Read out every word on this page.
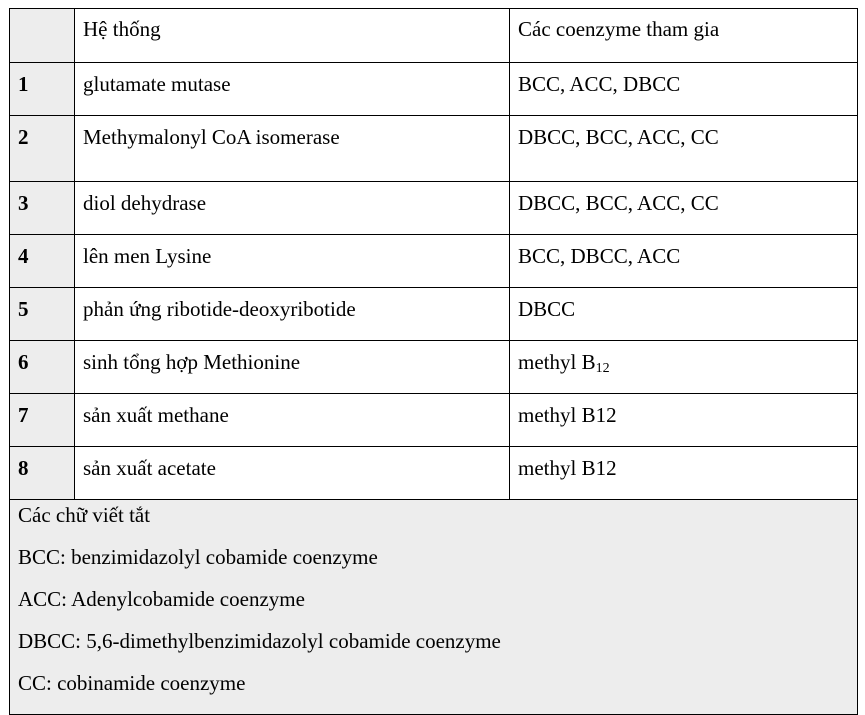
	Hệ thống	Các coenzyme tham gia
1	glutamate mutase	BCC, ACC, DBCC
2	Methymalonyl CoA isomerase	DBCC, BCC, ACC, CC
3	diol dehydrase	DBCC, BCC, ACC, CC
4	lên men Lysine	BCC, DBCC, ACC
5	phản ứng ribotide-deoxyribotide	DBCC
6	sinh tổng hợp Methionine	methyl $B_{12}$
7	sản xuất methane	methyl B12
8	sản xuất acetate	methyl B12

Các chữ viết tắt
BCC: benzimidazolyl cobamide coenzyme
ACC: Adenylcobamide coenzyme
DBCC: 5,6-dimethylbenzimidazolyl cobamide coenzyme
CC: cobinamide coenzyme		
